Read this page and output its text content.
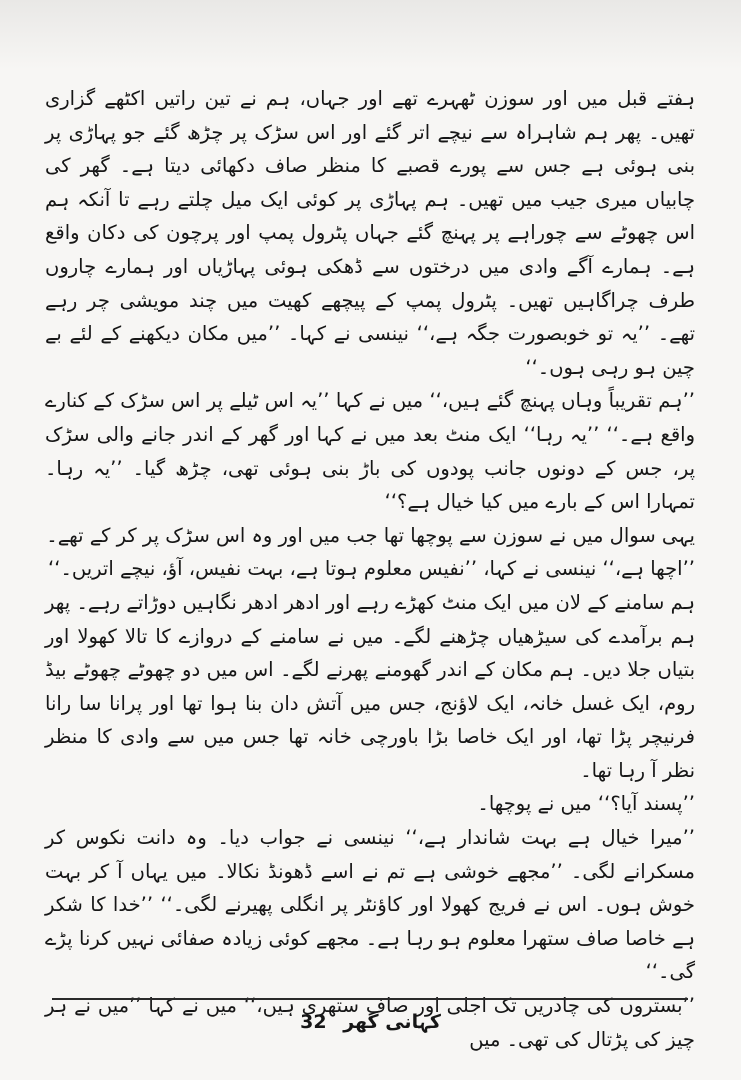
ہفتے قبل میں اور سوزن ٹھہرے تھے اور جہاں، ہم نے تین راتیں اکٹھے گزاری تھیں۔ پھر ہم شاہراہ سے نیچے اتر گئے اور اس سڑک پر چڑھ گئے جو پہاڑی پر بنی ہوئی ہے جس سے پورے قصبے کا منظر صاف دکھائی دیتا ہے۔ گھر کی چابیاں میری جیب میں تھیں۔ ہم پہاڑی پر کوئی ایک میل چلتے رہے تا آنکہ ہم اس چھوٹے سے چوراہے پر پہنچ گئے جہاں پٹرول پمپ اور پرچون کی دکان واقع ہے۔ ہمارے آگے وادی میں درختوں سے ڈھکی ہوئی پہاڑیاں اور ہمارے چاروں طرف چراگاہیں تھیں۔ پٹرول پمپ کے پیچھے کھیت میں چند مویشی چر رہے تھے۔ ’’یہ تو خوبصورت جگہ ہے،‘‘ نینسی نے کہا۔ ’’میں مکان دیکھنے کے لئے بے چین ہو رہی ہوں۔‘‘

’’ہم تقریباً وہاں پہنچ گئے ہیں،‘‘ میں نے کہا ’’یہ اس ٹیلے پر اس سڑک کے کنارے واقع ہے۔‘‘ ’’یہ رہا‘‘ ایک منٹ بعد میں نے کہا اور گھر کے اندر جانے والی سڑک پر، جس کے دونوں جانب پودوں کی باڑ بنی ہوئی تھی، چڑھ گیا۔ ’’یہ رہا۔ تمہارا اس کے بارے میں کیا خیال ہے؟‘‘

یہی سوال میں نے سوزن سے پوچھا تھا جب میں اور وہ اس سڑک پر کر کے تھے۔

’’اچھا ہے،‘‘ نینسی نے کہا، ’’نفیس معلوم ہوتا ہے، بہت نفیس، آؤ، نیچے اتریں۔‘‘

ہم سامنے کے لان میں ایک منٹ کھڑے رہے اور ادھر ادھر نگاہیں دوڑاتے رہے۔ پھر ہم برآمدے کی سیڑھیاں چڑھنے لگے۔ میں نے سامنے کے دروازے کا تالا کھولا اور بتیاں جلا دیں۔ ہم مکان کے اندر گھومنے پھرنے لگے۔ اس میں دو چھوٹے چھوٹے بیڈ روم، ایک غسل خانہ، ایک لاؤنج، جس میں آتش دان بنا ہوا تھا اور پرانا سا رانا فرنیچر پڑا تھا، اور ایک خاصا بڑا باورچی خانہ تھا جس میں سے وادی کا منظر نظر آ رہا تھا۔

’’پسند آیا؟‘‘ میں نے پوچھا۔

’’میرا خیال ہے بہت شاندار ہے،‘‘ نینسی نے جواب دیا۔ وہ دانت نکوس کر مسکرانے لگی۔ ’’مجھے خوشی ہے تم نے اسے ڈھونڈ نکالا۔ میں یہاں آ کر بہت خوش ہوں۔ اس نے فریج کھولا اور کاؤنٹر پر انگلی پھیرنے لگی۔‘‘ ’’خدا کا شکر ہے خاصا صاف ستھرا معلوم ہو رہا ہے۔ مجھے کوئی زیادہ صفائی نہیں کرنا پڑے گی۔‘‘

’’بستروں کی چادریں تک اجلی اور صاف ستھری ہیں،‘‘ میں نے کہا ’’میں نے ہر چیز کی پڑتال کی تھی۔ میں

32 کہانی گھر
